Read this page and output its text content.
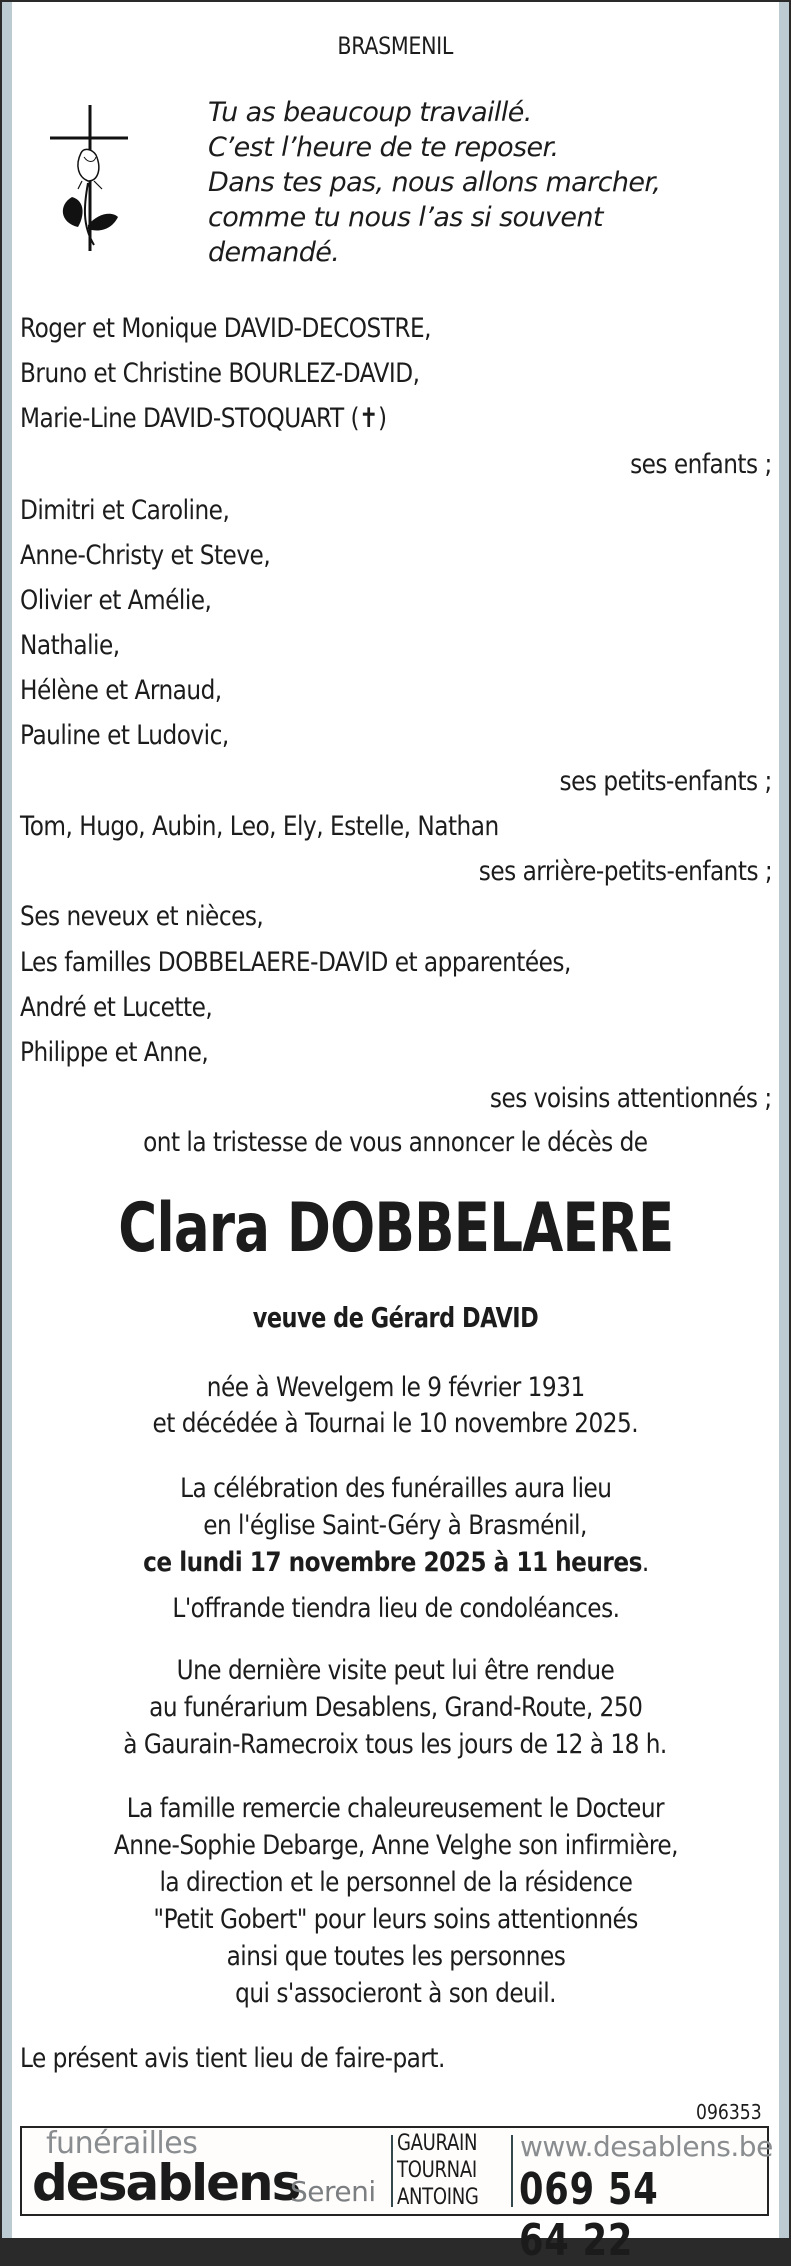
BRASMENIL
Tu as beaucoup travaillé.
C’est l’heure de te reposer.
Dans tes pas, nous allons marcher,
comme tu nous l’as si souvent
demandé.
Roger et Monique DAVID-DECOSTRE,
Bruno et Christine BOURLEZ-DAVID,
Marie-Line DAVID-STOQUART (✝)
ses enfants ;
Dimitri et Caroline,
Anne-Christy et Steve,
Olivier et Amélie,
Nathalie,
Hélène et Arnaud,
Pauline et Ludovic,
ses petits-enfants ;
Tom, Hugo, Aubin, Leo, Ely, Estelle, Nathan
ses arrière-petits-enfants ;
Ses neveux et nièces,
Les familles DOBBELAERE-DAVID et apparentées,
André et Lucette,
Philippe et Anne,
ses voisins attentionnés ;
ont la tristesse de vous annoncer le décès de
Clara DOBBELAERE
veuve de Gérard DAVID
née à Wevelgem le 9 février 1931
et décédée à Tournai le 10 novembre 2025.
La célébration des funérailles aura lieu
en l'église Saint-Géry à Brasménil,
ce lundi 17 novembre 2025 à 11 heures.
L'offrande tiendra lieu de condoléances.
Une dernière visite peut lui être rendue
au funérarium Desablens, Grand-Route, 250
à Gaurain-Ramecroix tous les jours de 12 à 18 h.
La famille remercie chaleureusement le Docteur
Anne-Sophie Debarge, Anne Velghe son infirmière,
la direction et le personnel de la résidence
"Petit Gobert" pour leurs soins attentionnés
ainsi que toutes les personnes
qui s'associeront à son deuil.
Le présent avis tient lieu de faire-part.
096353
funérailles
desablens
Sereni
GAURAIN
TOURNAI
ANTOING
www.desablens.be
069 54 64 22
